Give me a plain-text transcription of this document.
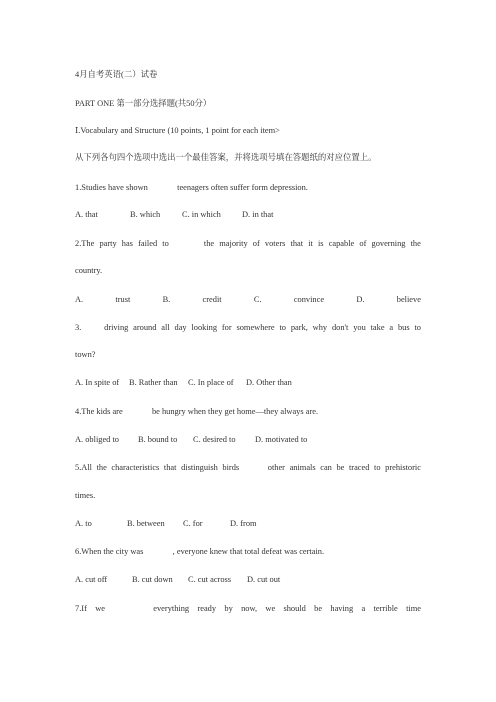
4月自考英语(二）试卷
PART ONE 第一部分选择题(共50分）
Ⅰ.Vocabulary and Structure (10 points, 1 point for each item>
从下列各句四个选项中选出一个最佳答案，并将选项号填在答题纸的对应位置上。
1.Studies have shown              teenagers often suffer form depression.
A. that	B. which	C. in which	D. in that
2.The party has failed to	the majority of voters that it is capable of governing the
country.
A.	trust	B.	credit	C.	convince	D.	believe
3.	driving around all day looking for somewhere to park, why don't you take a bus to
town?
A. In spite of B. Rather than C. In place of D. Other than
4.The kids are              be hungry when they get home—they always are.
A. obliged to B. bound to C. desired to D. motivated to
5.All the characteristics that distinguish birds	other animals can be traced to prehistoric
times.
A. to	B. between C. for	D. from
6.When the city was              , everyone knew that total defeat was certain.
A. cut off	B. cut down C. cut across D. cut out
7.If we	everything ready by now, we should be having a terrible time
